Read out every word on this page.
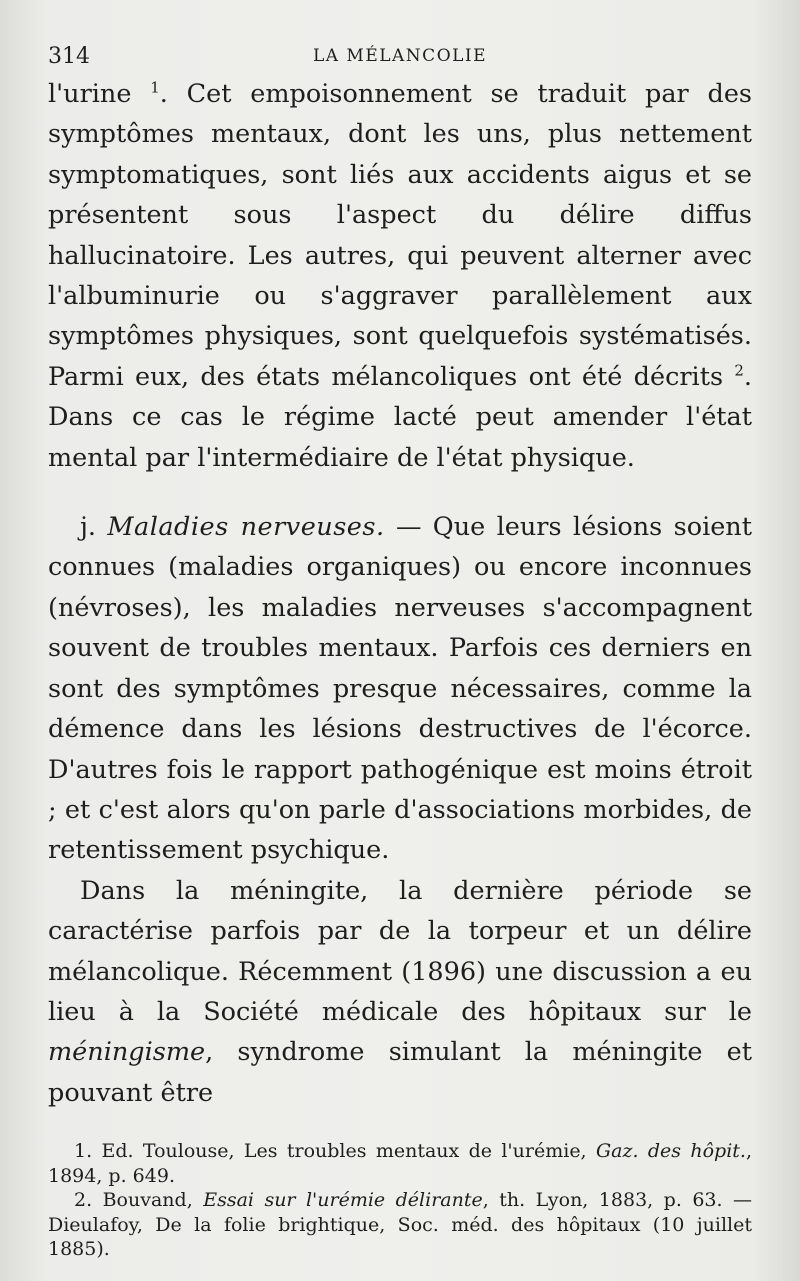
314	LA MÉLANCOLIE

l'urine $^1$. Cet empoisonnement se traduit par des symptômes mentaux, dont les uns, plus nettement symptomatiques, sont liés aux accidents aigus et se présentent sous l'aspect du délire diffus hallucinatoire. Les autres, qui peuvent alterner avec l'albuminurie ou s'aggraver parallèlement aux symptômes physiques, sont quelquefois systématisés. Parmi eux, des états mélancoliques ont été décrits $^2$. Dans ce cas le régime lacté peut amender l'état mental par l'intermédiaire de l'état physique.

j. Maladies nerveuses. — Que leurs lésions soient connues (maladies organiques) ou encore inconnues (névroses), les maladies nerveuses s'accompagnent souvent de troubles mentaux. Parfois ces derniers en sont des symptômes presque nécessaires, comme la démence dans les lésions destructives de l'écorce. D'autres fois le rapport pathogénique est moins étroit ; et c'est alors qu'on parle d'associations morbides, de retentissement psychique.

Dans la méningite, la dernière période se caractérise parfois par de la torpeur et un délire mélancolique. Récemment (1896) une discussion a eu lieu à la Société médicale des hôpitaux sur le méningisme, syndrome simulant la méningite et pouvant être

1. Ed. Toulouse, Les troubles mentaux de l'urémie, Gaz. des hôpit., 1894, p. 649.

2. Bouvand, Essai sur l'urémie délirante, th. Lyon, 1883, p. 63. — Dieulafoy, De la folie brightique, Soc. méd. des hôpitaux (10 juillet 1885).
